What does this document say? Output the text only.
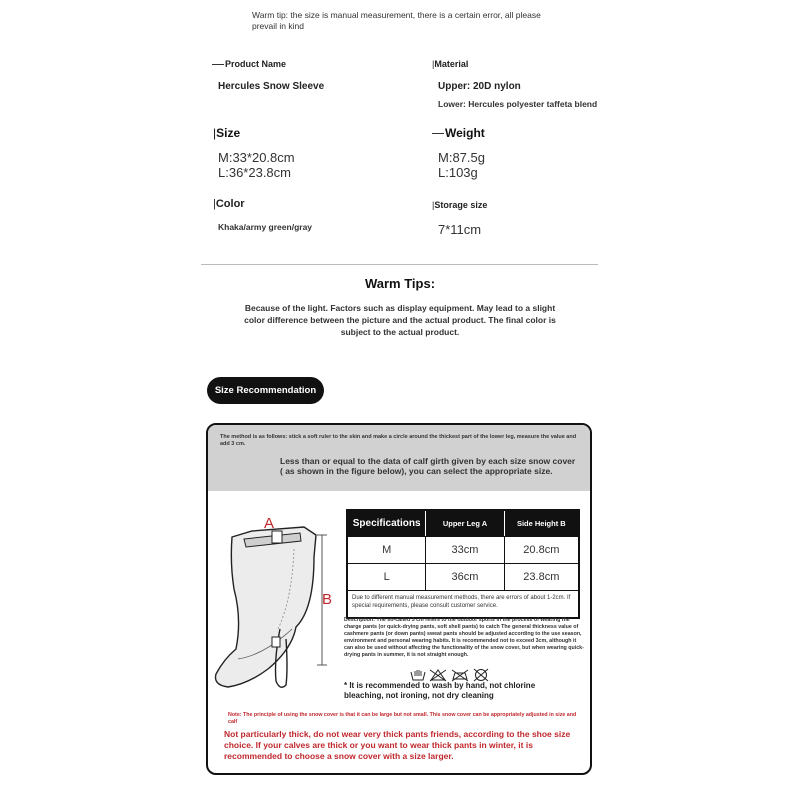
Warm tip: the size is manual measurement, there is a certain error, all please prevail in kind
Product Name
Hercules Snow Sleeve
|Material
Upper: 20D nylon
Lower: Hercules polyester taffeta blend
|Size
M:33*20.8cm
L:36*23.8cm
Weight
M:87.5g
L:103g
|Color
Khaka/army green/gray
|Storage size
7*11cm
Warm Tips:
Because of the light. Factors such as display equipment. May lead to a slight color difference between the picture and the actual product. The final color is subject to the actual product.
Size Recommendation
The method is as follows: stick a soft ruler to the skin and make a circle around the thickest part of the lower leg, measure the value and add 3 cm.
Less than or equal to the data of calf girth given by each size snow cover ( as shown in the figure below), you can select the appropriate size.
A
B
Specifications	Upper Leg A	Side Height B
M	33cm	20.8cm
L	36cm	23.8cm
Due to different manual measurement methods, there are errors of about 1-2cm. If special requirements, please consult customer service.
Description: The so-called 3 cm refers to the outdoor sports in the process of wearing the charge pants (or quick-drying pants, soft shell pants) to catch The general thickness value of cashmere pants (or down pants) sweat pants should be adjusted according to the use season, environment and personal wearing habits. It is recommended not to exceed 3cm, although it can also be used without affecting the functionality of the snow cover, but when wearing quick-drying pants in summer, it is not straight enough.
* It is recommended to wash by hand, not chlorine bleaching, not ironing, not dry cleaning
Note: The principle of using the snow cover is that it can be large but not small. This snow cover can be appropriately adjusted in size and calf
Not particularly thick, do not wear very thick pants friends, according to the shoe size choice. If your calves are thick or you want to wear thick pants in winter, it is recommended to choose a snow cover with a size larger.
